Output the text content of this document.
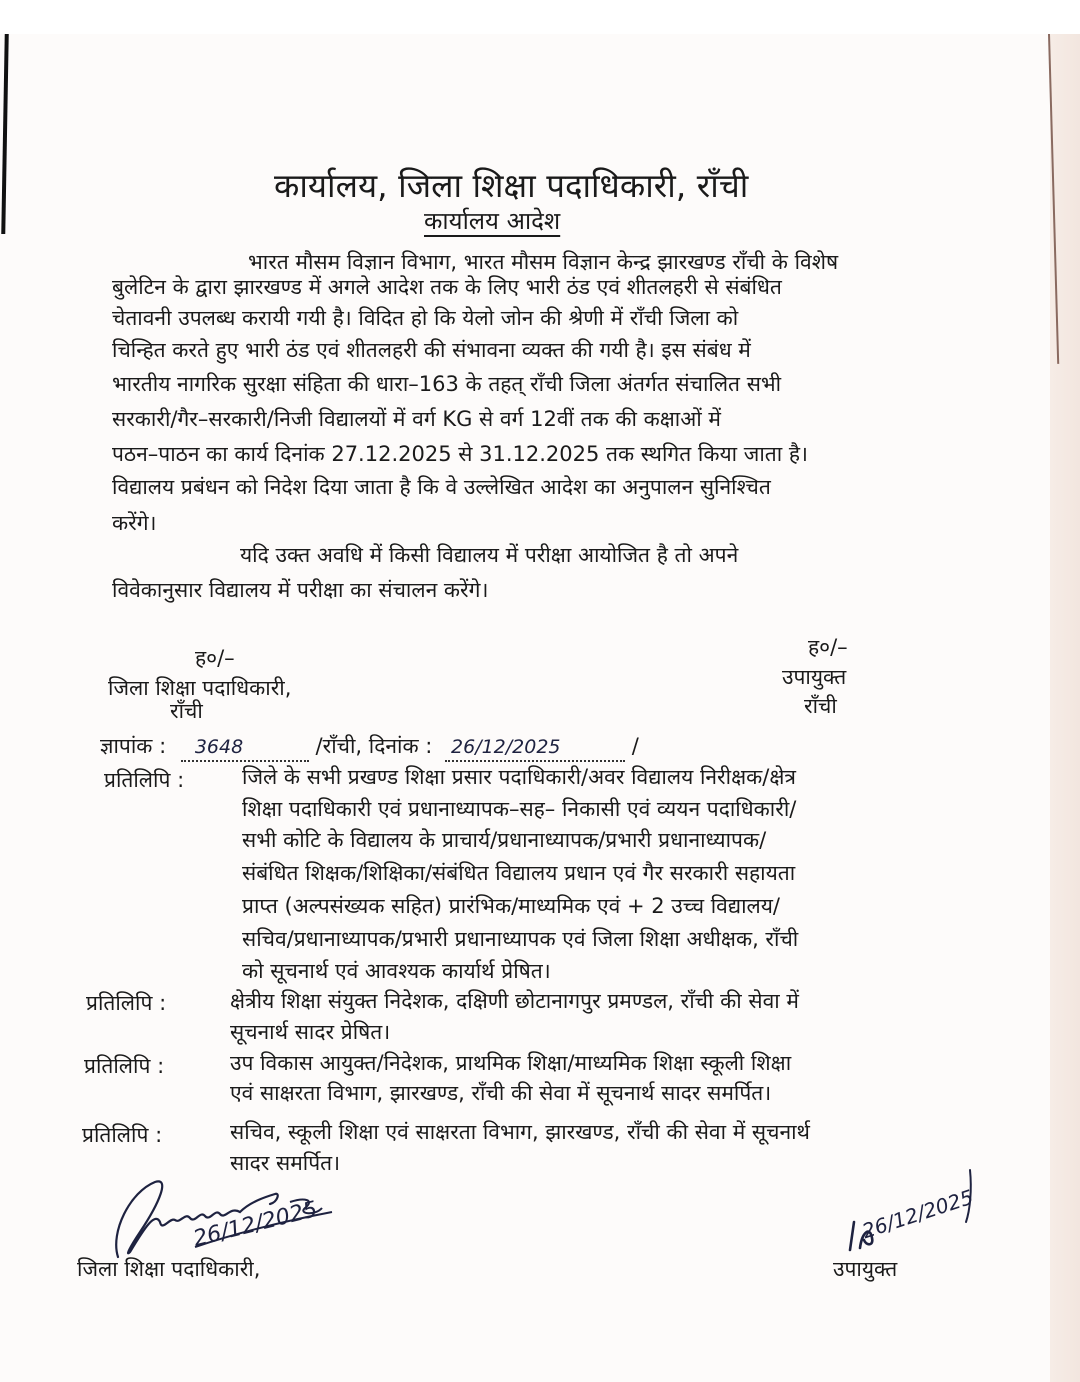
कार्यालय, जिला शिक्षा पदाधिकारी, राँची
कार्यालय आदेश
भारत मौसम विज्ञान विभाग, भारत मौसम विज्ञान केन्द्र झारखण्ड राँची के विशेष
बुलेटिन के द्वारा झारखण्ड में अगले आदेश तक के लिए भारी ठंड एवं शीतलहरी से संबंधित
चेतावनी उपलब्ध करायी गयी है। विदित हो कि येलो जोन की श्रेणी में राँची जिला को
चिन्हित करते हुए भारी ठंड एवं शीतलहरी की संभावना व्यक्त की गयी है। इस संबंध में
भारतीय नागरिक सुरक्षा संहिता की धारा–163 के तहत् राँची जिला अंतर्गत संचालित सभी
सरकारी/गैर–सरकारी/निजी विद्यालयों में वर्ग KG से वर्ग 12वीं तक की कक्षाओं में
पठन–पाठन का कार्य दिनांक 27.12.2025 से 31.12.2025 तक स्थगित किया जाता है।
विद्यालय प्रबंधन को निदेश दिया जाता है कि वे उल्लेखित आदेश का अनुपालन सुनिश्चित
करेंगे।
यदि उक्त अवधि में किसी विद्यालय में परीक्षा आयोजित है तो अपने
विवेकानुसार विद्यालय में परीक्षा का संचालन करेंगे।
ह०/–
जिला शिक्षा पदाधिकारी,
राँची
ह०/–
उपायुक्त
राँची
ज्ञापांक : 3648	/राँची, दिनांक : 26/12/2025	/
प्रतिलिपि :	जिले के सभी प्रखण्ड शिक्षा प्रसार पदाधिकारी/अवर विद्यालय निरीक्षक/क्षेत्र
शिक्षा पदाधिकारी एवं प्रधानाध्यापक–सह– निकासी एवं व्ययन पदाधिकारी/
सभी कोटि के विद्यालय के प्राचार्य/प्रधानाध्यापक/प्रभारी प्रधानाध्यापक/
संबंधित शिक्षक/शिक्षिका/संबंधित विद्यालय प्रधान एवं गैर सरकारी सहायता
प्राप्त (अल्पसंख्यक सहित) प्रारंभिक/माध्यमिक एवं + 2 उच्च विद्यालय/
सचिव/प्रधानाध्यापक/प्रभारी प्रधानाध्यापक एवं जिला शिक्षा अधीक्षक, राँची
को सूचनार्थ एवं आवश्यक कार्यार्थ प्रेषित।
प्रतिलिपि :	क्षेत्रीय शिक्षा संयुक्त निदेशक, दक्षिणी छोटानागपुर प्रमण्डल, राँची की सेवा में
सूचनार्थ सादर प्रेषित।
प्रतिलिपि :	उप विकास आयुक्त/निदेशक, प्राथमिक शिक्षा/माध्यमिक शिक्षा स्कूली शिक्षा
एवं साक्षरता विभाग, झारखण्ड, राँची की सेवा में सूचनार्थ सादर समर्पित।
प्रतिलिपि :	सचिव, स्कूली शिक्षा एवं साक्षरता विभाग, झारखण्ड, राँची की सेवा में सूचनार्थ
सादर समर्पित।
26/12/2025
जिला शिक्षा पदाधिकारी,
26/12/2025
उपायुक्त
